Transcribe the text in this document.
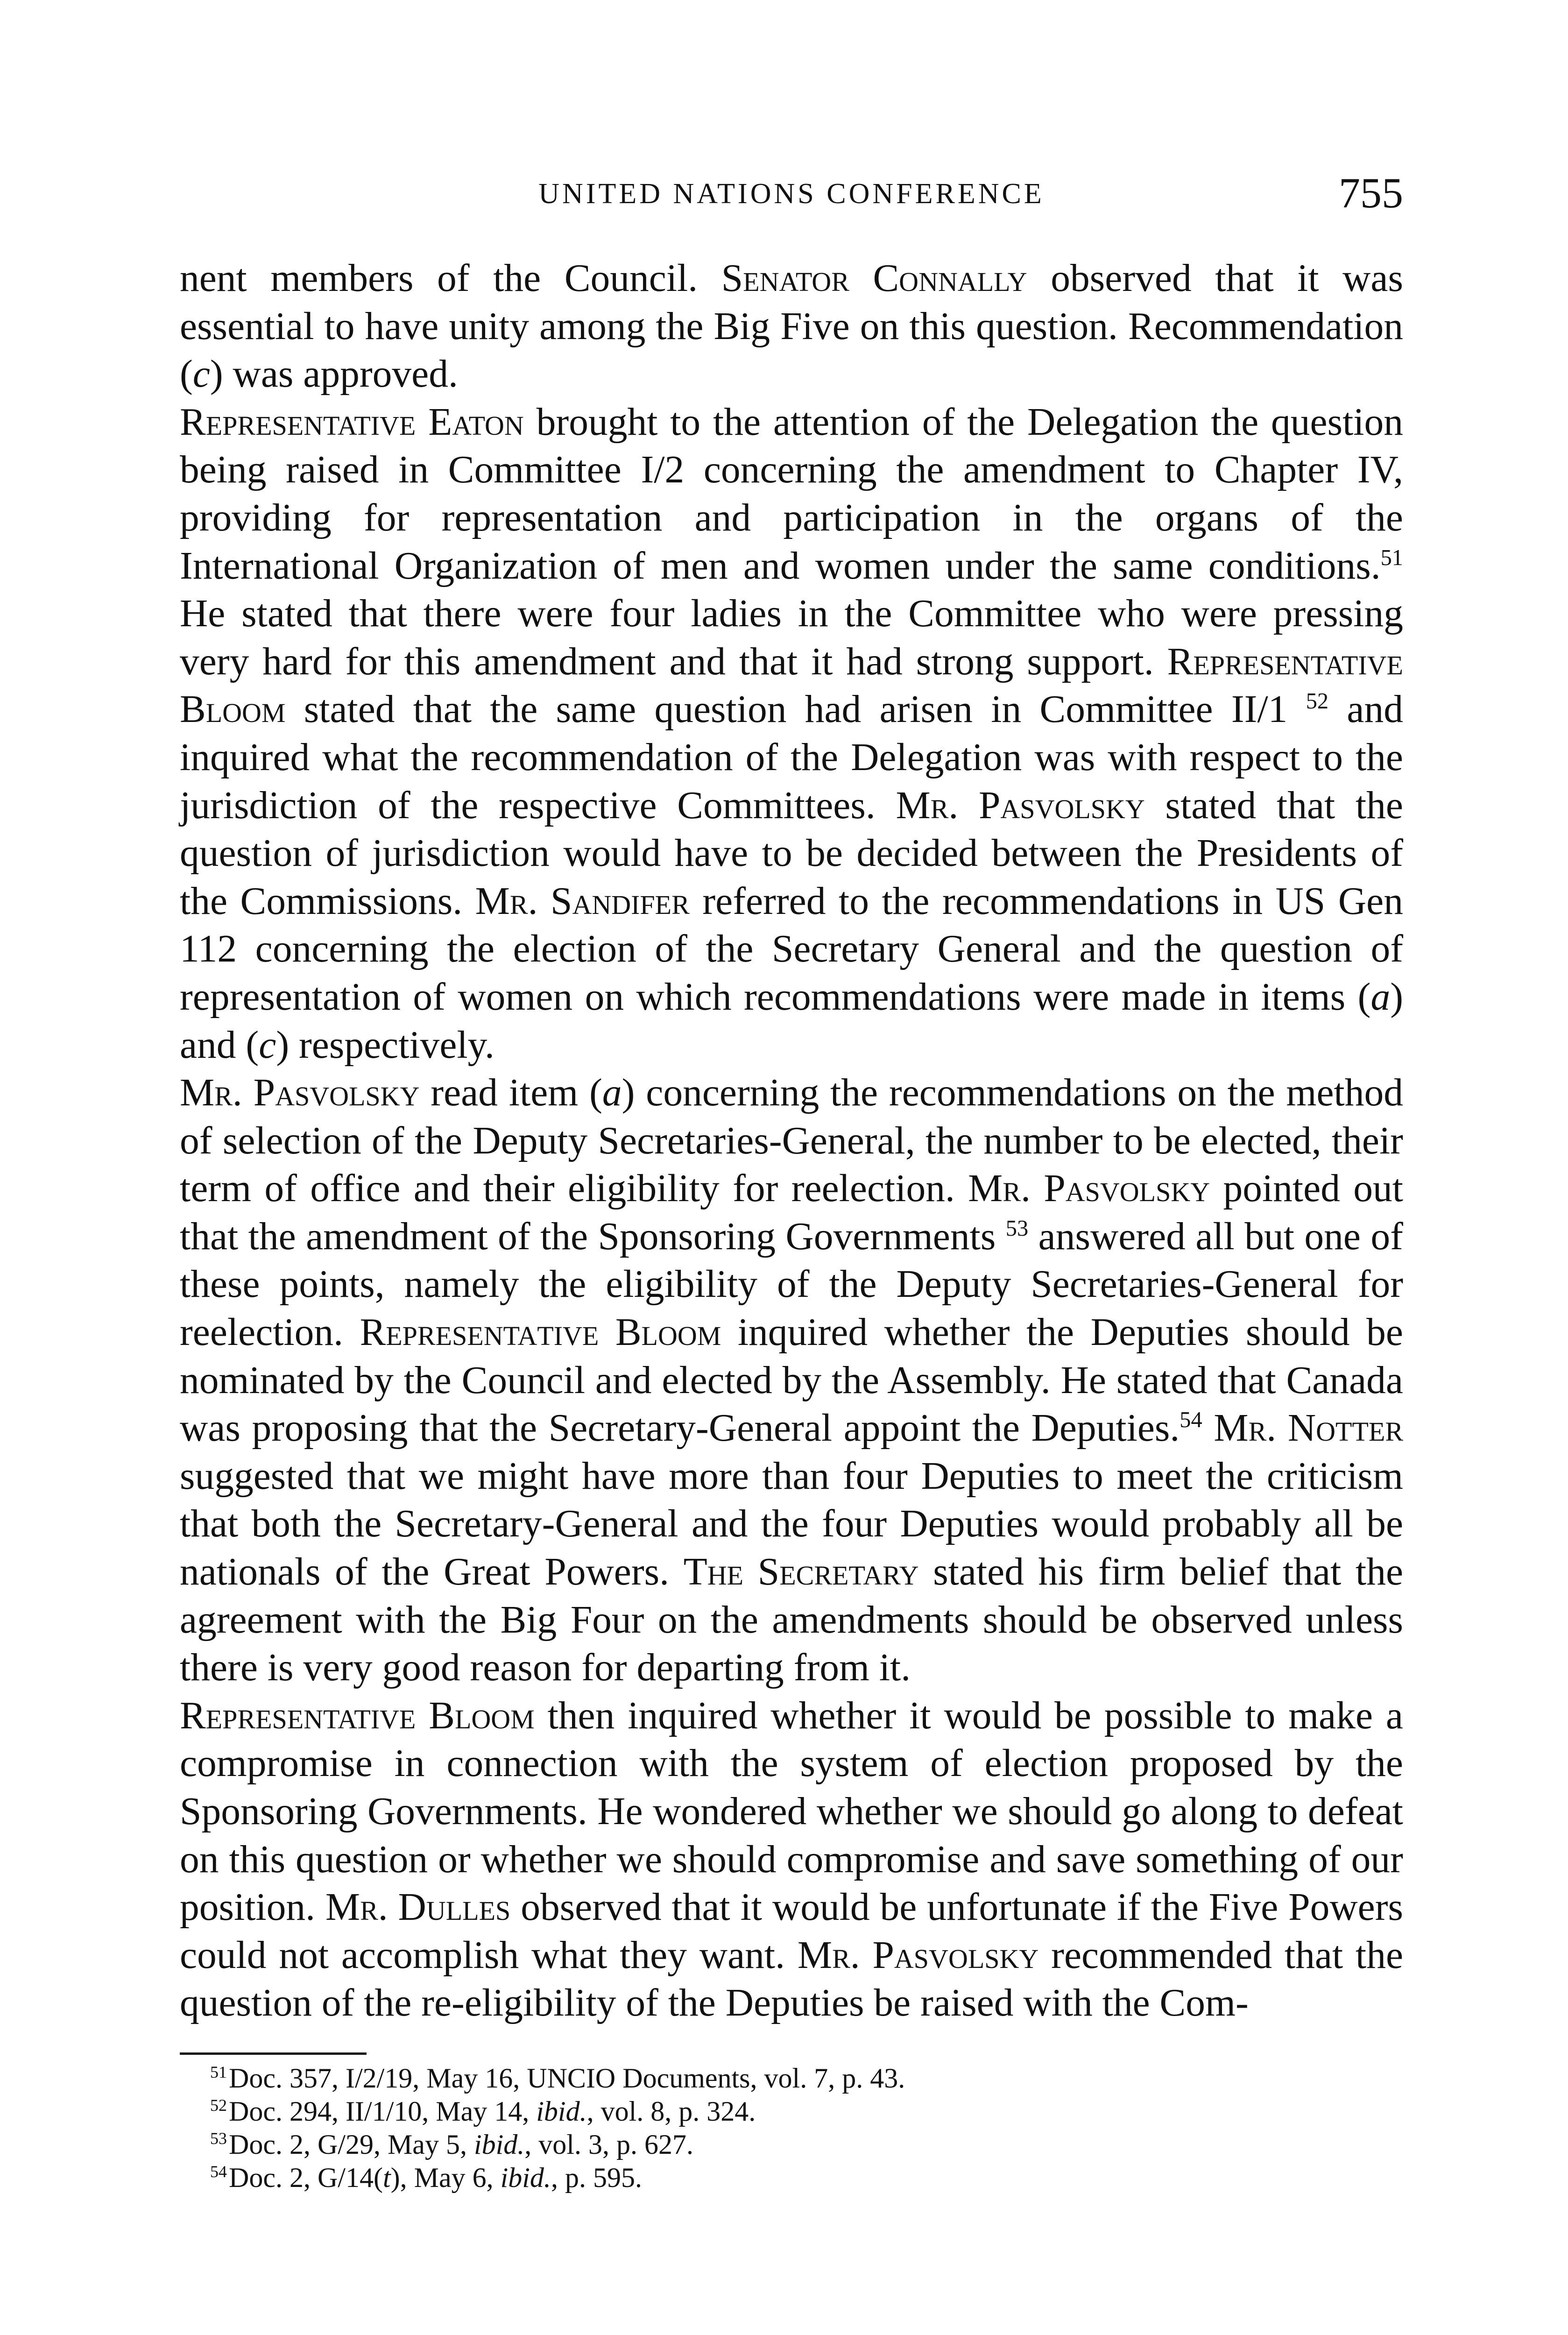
UNITED NATIONS CONFERENCE	755

nent members of the Council. Senator Connally observed that it was essential to have unity among the Big Five on this question. Recommendation (c) was approved.

Representative Eaton brought to the attention of the Delegation the question being raised in Committee I/2 concerning the amendment to Chapter IV, providing for representation and participation in the organs of the International Organization of men and women under the same conditions.$^{51}$ He stated that there were four ladies in the Committee who were pressing very hard for this amendment and that it had strong support. Representative Bloom stated that the same question had arisen in Committee II/1 $^{52}$ and inquired what the recommendation of the Delegation was with respect to the jurisdiction of the respective Committees. Mr. Pasvolsky stated that the question of jurisdiction would have to be decided between the Presidents of the Commissions. Mr. Sandifer referred to the recommendations in US Gen 112 concerning the election of the Secretary General and the question of representation of women on which recommendations were made in items (a) and (c) respectively.

Mr. Pasvolsky read item (a) concerning the recommendations on the method of selection of the Deputy Secretaries-General, the number to be elected, their term of office and their eligibility for reelection. Mr. Pasvolsky pointed out that the amendment of the Sponsoring Governments $^{53}$ answered all but one of these points, namely the eligibility of the Deputy Secretaries-General for reelection. Representative Bloom inquired whether the Deputies should be nominated by the Council and elected by the Assembly. He stated that Canada was proposing that the Secretary-General appoint the Deputies.$^{54}$ Mr. Notter suggested that we might have more than four Deputies to meet the criticism that both the Secretary-General and the four Deputies would probably all be nationals of the Great Powers. The Secretary stated his firm belief that the agreement with the Big Four on the amendments should be observed unless there is very good reason for departing from it.

Representative Bloom then inquired whether it would be possible to make a compromise in connection with the system of election proposed by the Sponsoring Governments. He wondered whether we should go along to defeat on this question or whether we should compromise and save something of our position. Mr. Dulles observed that it would be unfortunate if the Five Powers could not accomplish what they want. Mr. Pasvolsky recommended that the question of the re-eligibility of the Deputies be raised with the Com-

$^{51}$Doc. 357, I/2/19, May 16, UNCIO Documents, vol. 7, p. 43.
$^{52}$Doc. 294, II/1/10, May 14, ibid., vol. 8, p. 324.
$^{53}$Doc. 2, G/29, May 5, ibid., vol. 3, p. 627.
$^{54}$Doc. 2, G/14(t), May 6, ibid., p. 595.
